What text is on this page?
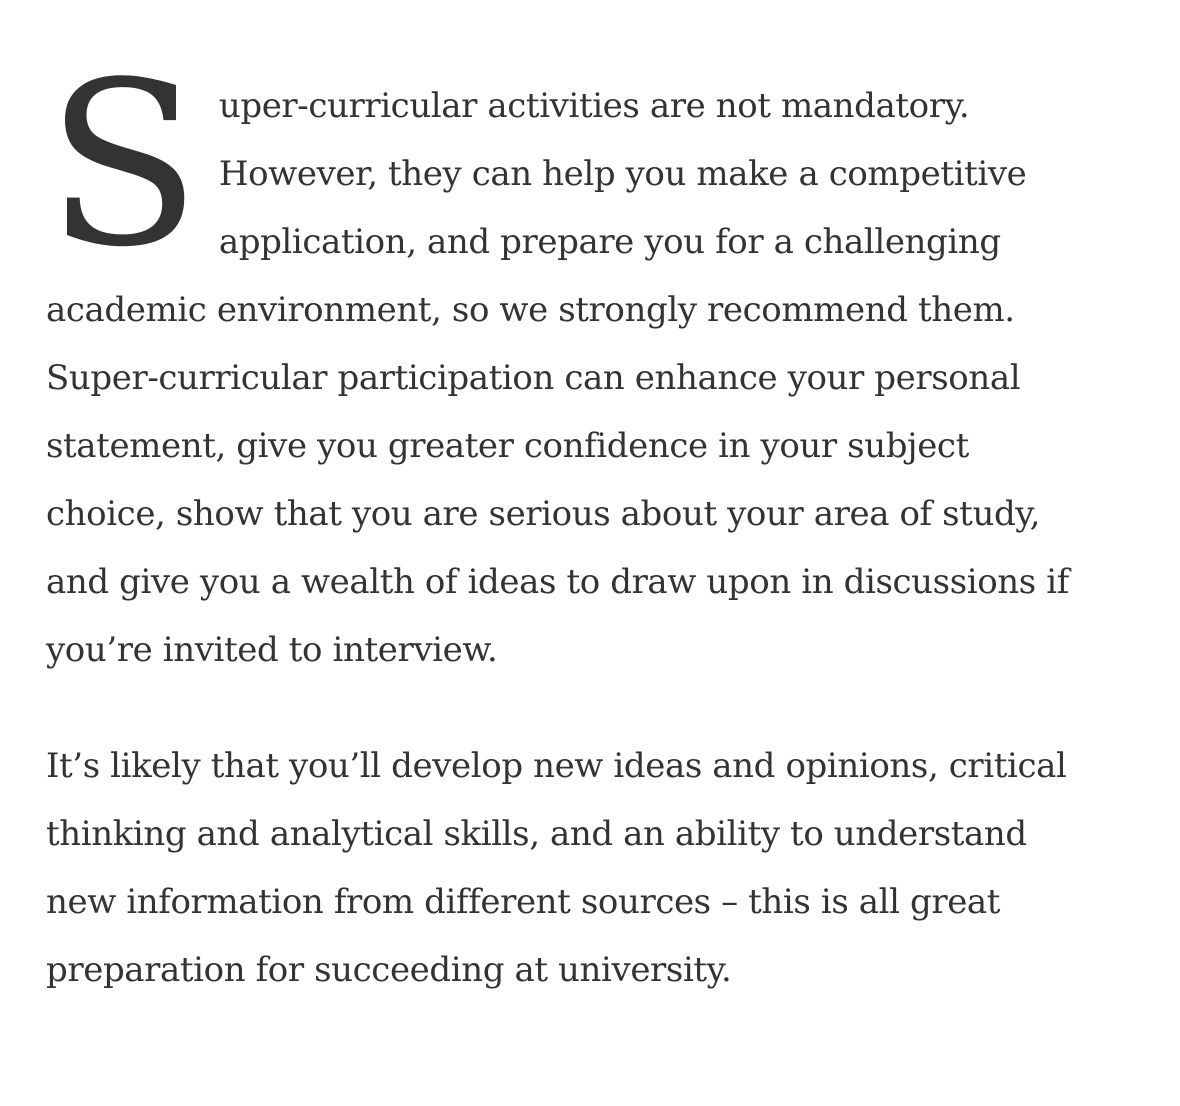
S uper-curricular activities are not mandatory.
However, they can help you make a competitive
application, and prepare you for a challenging
academic environment, so we strongly recommend them.
Super-curricular participation can enhance your personal
statement, give you greater confidence in your subject
choice, show that you are serious about your area of study,
and give you a wealth of ideas to draw upon in discussions if
you’re invited to interview.

It’s likely that you’ll develop new ideas and opinions, critical
thinking and analytical skills, and an ability to understand
new information from different sources – this is all great
preparation for succeeding at university.
